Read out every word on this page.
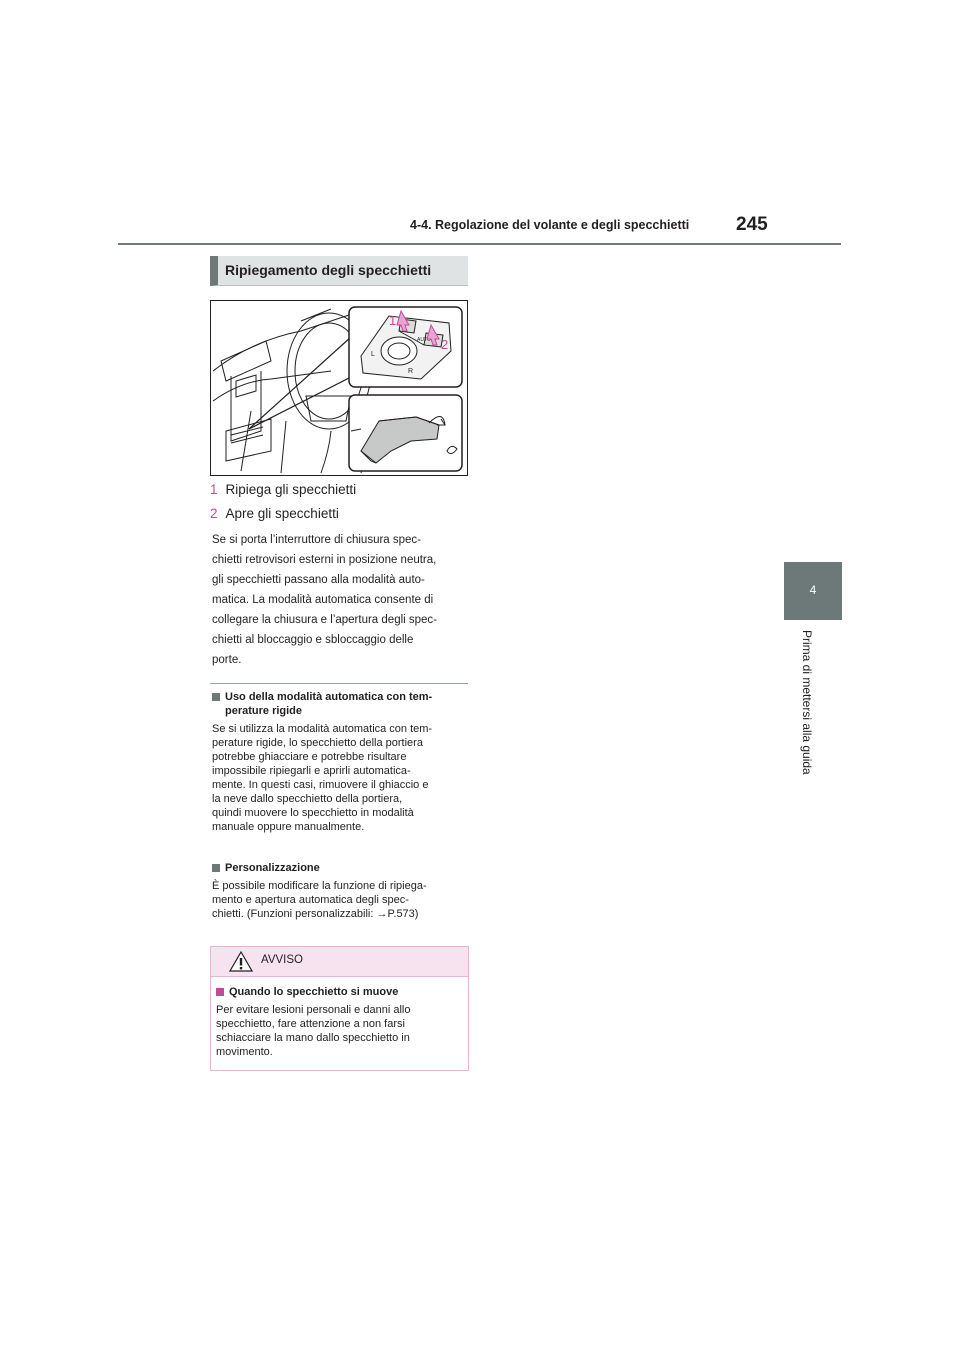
4-4. Regolazione del volante e degli specchietti 245
4
Prima di mettersi alla guida
Ripiegamento degli specchietti
L
R
AUTO
1
2
1 Ripiega gli specchietti
2 Apre gli specchietti
Se si porta l’interruttore di chiusura spec-
chietti retrovisori esterni in posizione neutra,
gli specchietti passano alla modalità auto-
matica. La modalità automatica consente di
collegare la chiusura e l’apertura degli spec-
chietti al bloccaggio e sbloccaggio delle
porte.
Uso della modalità automatica con tem-
perature rigide
Se si utilizza la modalità automatica con tem-
perature rigide, lo specchietto della portiera
potrebbe ghiacciare e potrebbe risultare
impossibile ripiegarli e aprirli automatica-
mente. In questi casi, rimuovere il ghiaccio e
la neve dallo specchietto della portiera,
quindi muovere lo specchietto in modalità
manuale oppure manualmente.
Personalizzazione
È possibile modificare la funzione di ripiega-
mento e apertura automatica degli spec-
chietti. (Funzioni personalizzabili: →P.573)
AVVISO
Quando lo specchietto si muove

Per evitare lesioni personali e danni allo
specchietto, fare attenzione a non farsi
schiacciare la mano dallo specchietto in
movimento.
